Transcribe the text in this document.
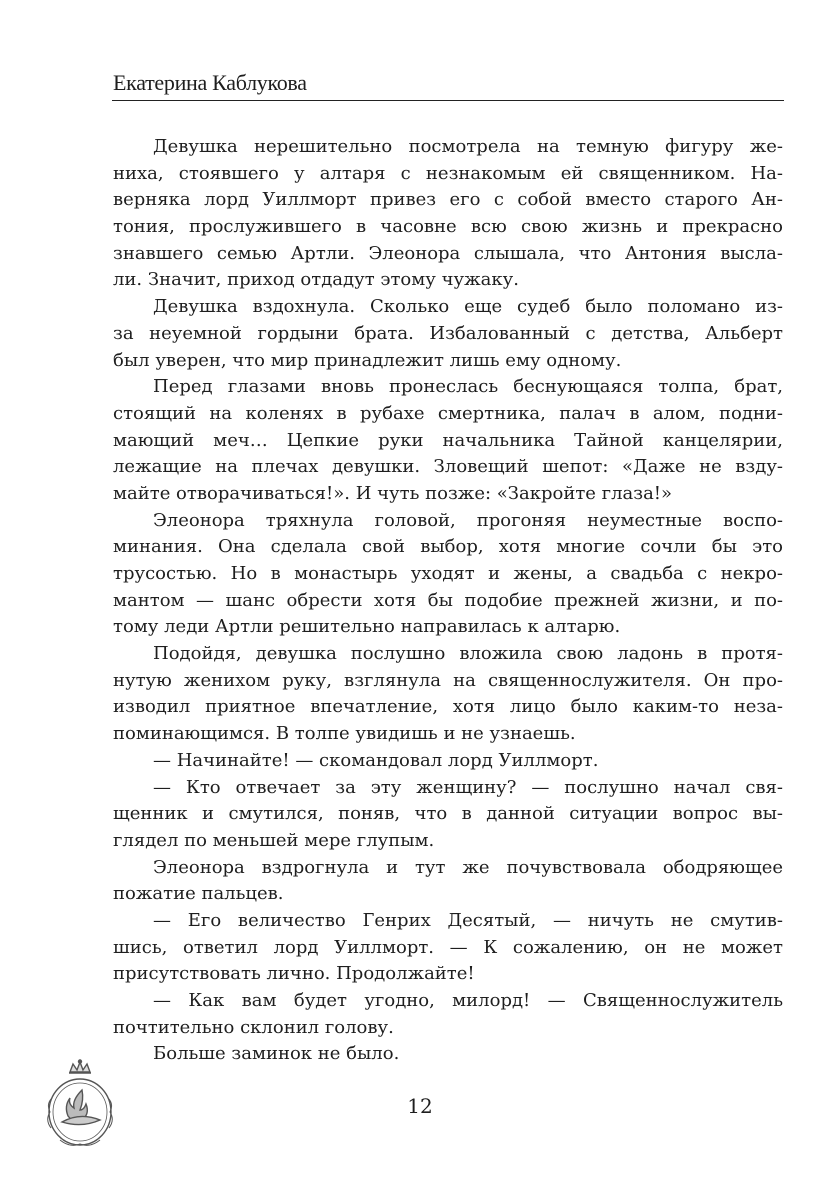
Екатерина Каблукова
Девушка нерешительно посмотрела на темную фигуру же-
ниха, стоявшего у алтаря с незнакомым ей священником. На-
верняка лорд Уиллморт привез его с собой вместо старого Ан-
тония, прослужившего в часовне всю свою жизнь и прекрасно
знавшего семью Артли. Элеонора слышала, что Антония высла-
ли. Значит, приход отдадут этому чужаку.
Девушка вздохнула. Сколько еще судеб было поломано из-
за неуемной гордыни брата. Избалованный с детства, Альберт
был уверен, что мир принадлежит лишь ему одному.
Перед глазами вновь пронеслась беснующаяся толпа, брат,
стоящий на коленях в рубахе смертника, палач в алом, подни-
мающий меч… Цепкие руки начальника Тайной канцелярии,
лежащие на плечах девушки. Зловещий шепот: «Даже не взду-
майте отворачиваться!». И чуть позже: «Закройте глаза!»
Элеонора тряхнула головой, прогоняя неуместные воспо-
минания. Она сделала свой выбор, хотя многие сочли бы это
трусостью. Но в монастырь уходят и жены, а свадьба с некро-
мантом — шанс обрести хотя бы подобие прежней жизни, и по-
тому леди Артли решительно направилась к алтарю.
Подойдя, девушка послушно вложила свою ладонь в протя-
нутую женихом руку, взглянула на священнослужителя. Он про-
изводил приятное впечатление, хотя лицо было каким-то неза-
поминающимся. В толпе увидишь и не узнаешь.
— Начинайте! — скомандовал лорд Уиллморт.
— Кто отвечает за эту женщину? — послушно начал свя-
щенник и смутился, поняв, что в данной ситуации вопрос вы-
глядел по меньшей мере глупым.
Элеонора вздрогнула и тут же почувствовала ободряющее
пожатие пальцев.
— Его величество Генрих Десятый, — ничуть не смутив-
шись, ответил лорд Уиллморт. — К сожалению, он не может
присутствовать лично. Продолжайте!
— Как вам будет угодно, милорд! — Священнослужитель
почтительно склонил голову.
Больше заминок не было.
12
